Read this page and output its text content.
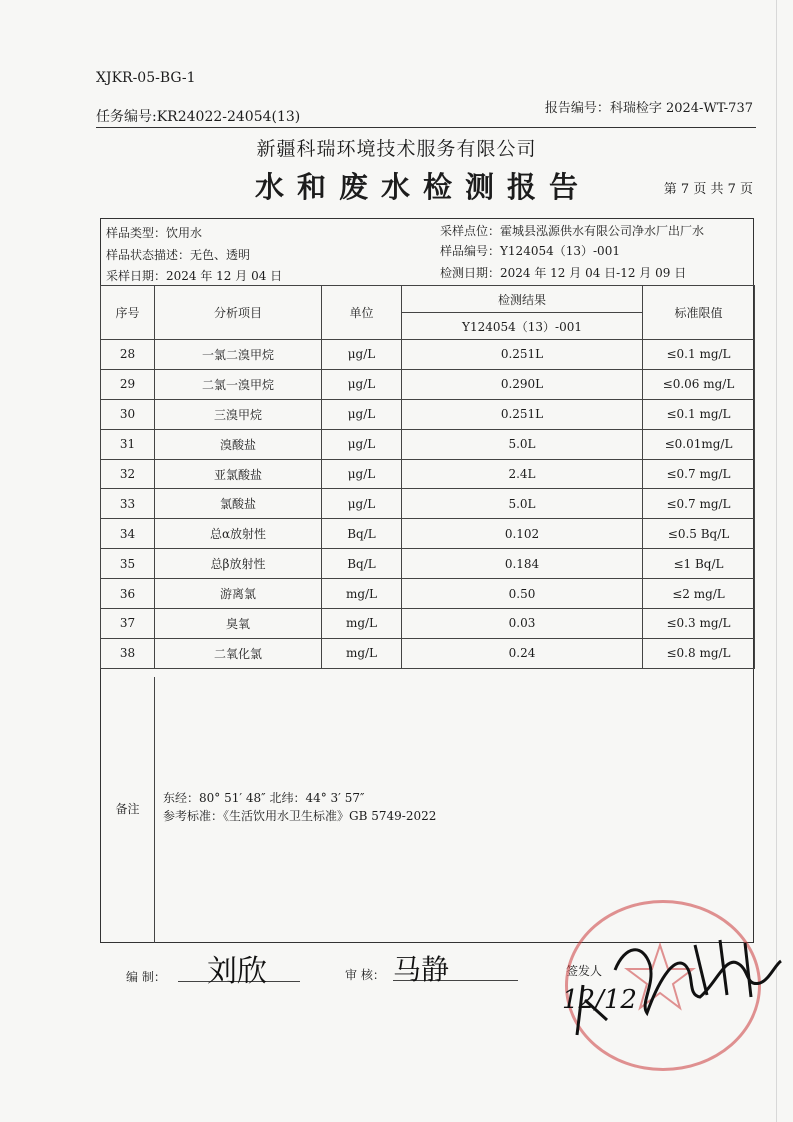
XJKR-05-BG-1
任务编号:KR24022-24054(13)
报告编号：科瑞检字 2024-WT-737
新疆科瑞环境技术服务有限公司
水和废水检测报告	第 7 页 共 7 页
样品类型：饮用水	采样点位：霍城县泓源供水有限公司净水厂出厂水
样品状态描述：无色、透明	样品编号：Y124054（13）-001
采样日期：2024 年 12 月 04 日	检测日期：2024 年 12 月 04 日-12 月 09 日
序号	分析项目	单位	检测结果	标准限值
			Y124054（13）-001	
28	一氯二溴甲烷	μg/L	0.251L	≤0.1 mg/L
29	二氯一溴甲烷	μg/L	0.290L	≤0.06 mg/L
30	三溴甲烷	μg/L	0.251L	≤0.1 mg/L
31	溴酸盐	μg/L	5.0L	≤0.01mg/L
32	亚氯酸盐	μg/L	2.4L	≤0.7 mg/L
33	氯酸盐	μg/L	5.0L	≤0.7 mg/L
34	总α放射性	Bq/L	0.102	≤0.5 Bq/L
35	总β放射性	Bq/L	0.184	≤1 Bq/L
36	游离氯	mg/L	0.50	≤2 mg/L
37	臭氧	mg/L	0.03	≤0.3 mg/L
38	二氧化氯	mg/L	0.24	≤0.8 mg/L
备注
东经：80° 51′ 48″ 北纬：44° 3′ 57″
参考标准：《生活饮用水卫生标准》GB 5749-2022
编 制： 刘欣	审 核： 马静	签发人
12/12
